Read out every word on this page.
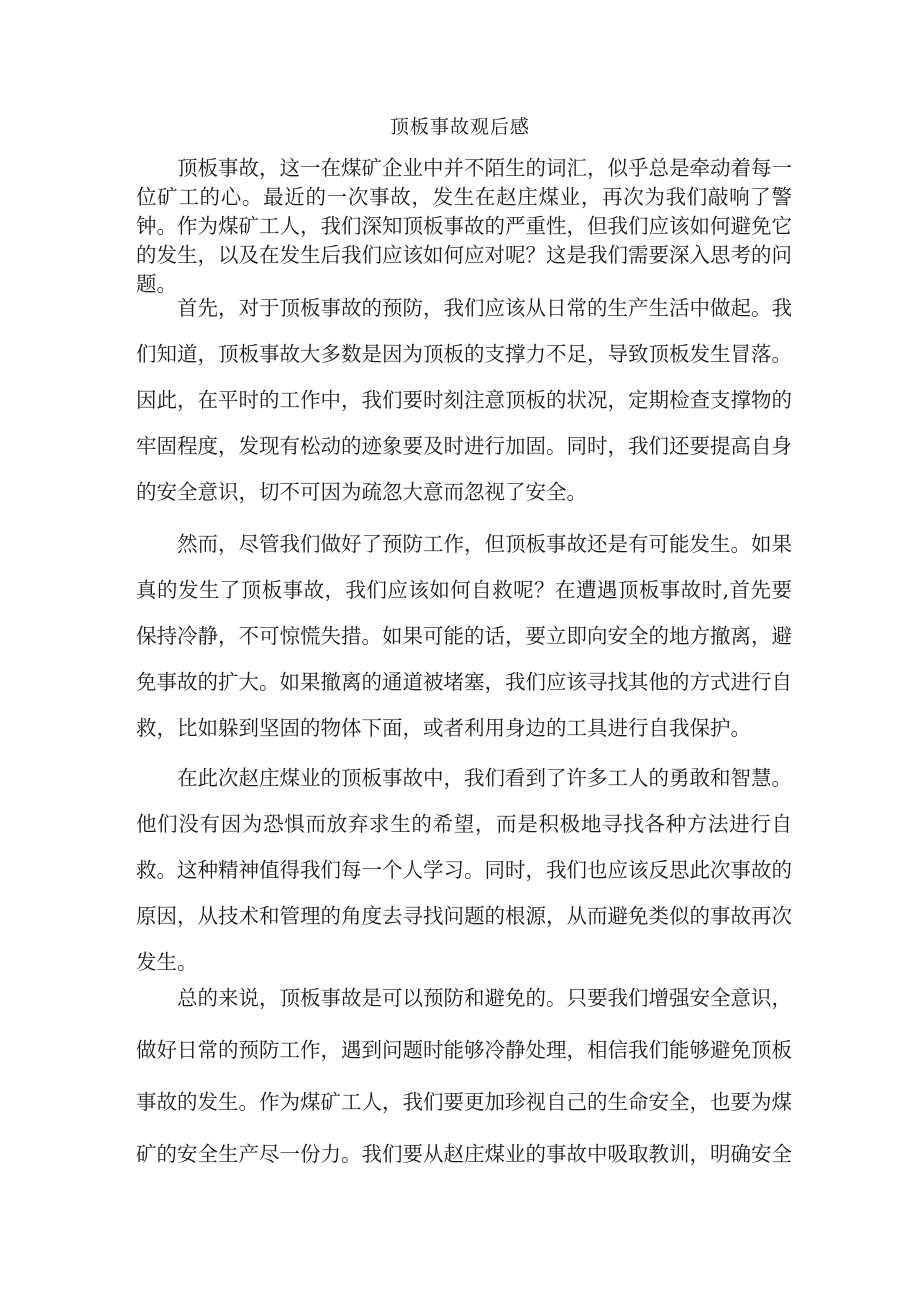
顶板事故观后感

顶板事故，这一在煤矿企业中并不陌生的词汇，似乎总是牵动着每一位矿工的心。最近的一次事故，发生在赵庄煤业，再次为我们敲响了警钟。作为煤矿工人，我们深知顶板事故的严重性，但我们应该如何避免它的发生，以及在发生后我们应该如何应对呢？这是我们需要深入思考的问题。

首先，对于顶板事故的预防，我们应该从日常的生产生活中做起。我们知道，顶板事故大多数是因为顶板的支撑力不足，导致顶板发生冒落。因此，在平时的工作中，我们要时刻注意顶板的状况，定期检查支撑物的牢固程度，发现有松动的迹象要及时进行加固。同时，我们还要提高自身的安全意识，切不可因为疏忽大意而忽视了安全。

然而，尽管我们做好了预防工作，但顶板事故还是有可能发生。如果真的发生了顶板事故，我们应该如何自救呢？在遭遇顶板事故时,首先要保持冷静，不可惊慌失措。如果可能的话，要立即向安全的地方撤离，避免事故的扩大。如果撤离的通道被堵塞，我们应该寻找其他的方式进行自救，比如躲到坚固的物体下面，或者利用身边的工具进行自我保护。

在此次赵庄煤业的顶板事故中，我们看到了许多工人的勇敢和智慧。他们没有因为恐惧而放弃求生的希望，而是积极地寻找各种方法进行自救。这种精神值得我们每一个人学习。同时，我们也应该反思此次事故的原因，从技术和管理的角度去寻找问题的根源，从而避免类似的事故再次发生。

总的来说，顶板事故是可以预防和避免的。只要我们增强安全意识，做好日常的预防工作，遇到问题时能够冷静处理，相信我们能够避免顶板事故的发生。作为煤矿工人，我们要更加珍视自己的生命安全，也要为煤矿的安全生产尽一份力。我们要从赵庄煤业的事故中吸取教训，明确安全
